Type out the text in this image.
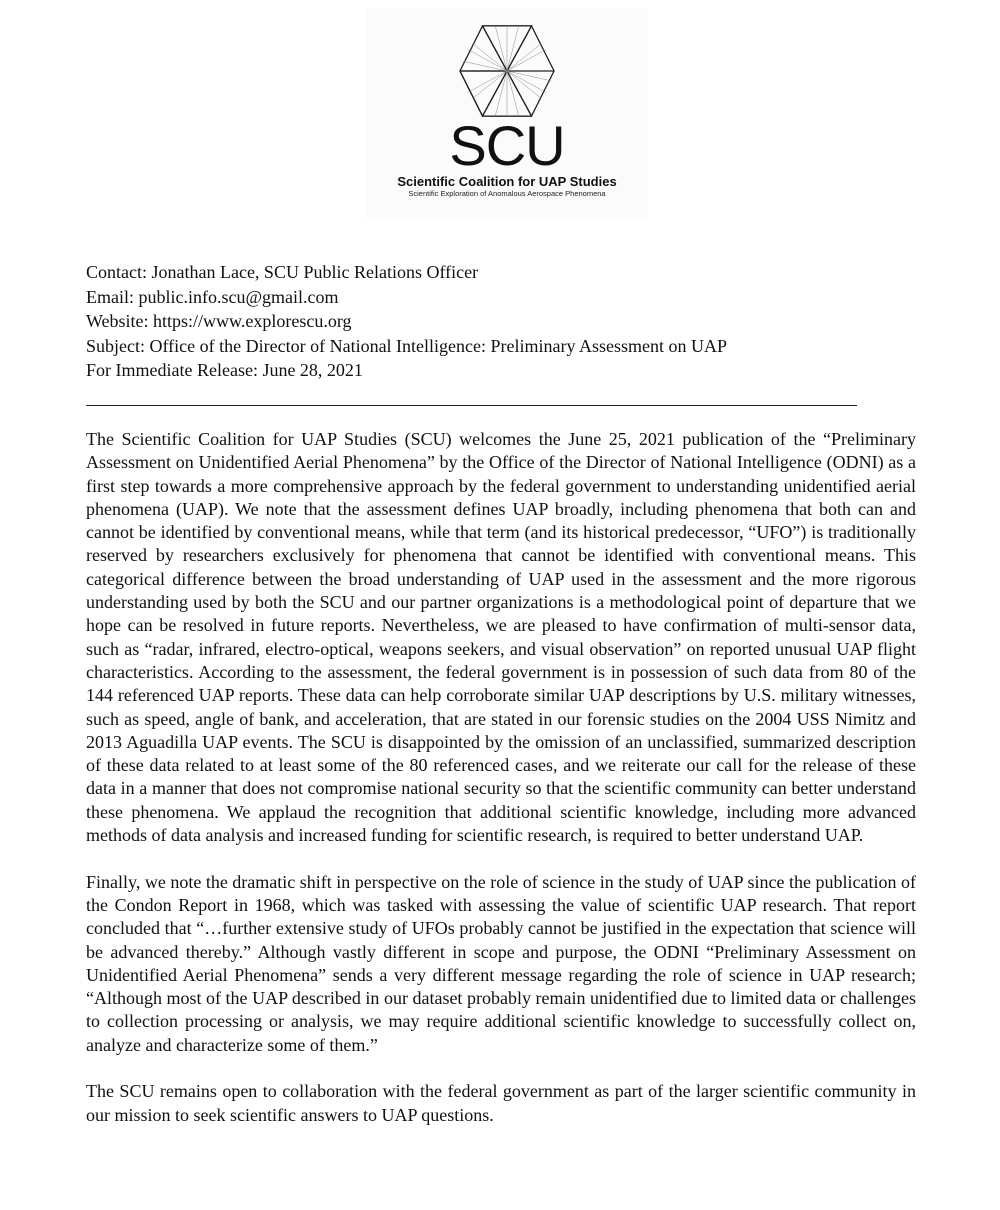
SCU
Scientific Coalition for UAP Studies
Scientific Exploration of Anomalous Aerospace Phenomena
Contact: Jonathan Lace, SCU Public Relations Officer
Email: public.info.scu@gmail.com
Website: https://www.explorescu.org
Subject: Office of the Director of National Intelligence: Preliminary Assessment on UAP
For Immediate Release: June 28, 2021

The Scientific Coalition for UAP Studies (SCU) welcomes the June 25, 2021 publication of the “Preliminary Assessment on Unidentified Aerial Phenomena” by the Office of the Director of National Intelligence (ODNI) as a first step towards a more comprehensive approach by the federal government to understanding unidentified aerial phenomena (UAP). We note that the assessment defines UAP broadly, including phenomena that both can and cannot be identified by conventional means, while that term (and its historical predecessor, “UFO”) is traditionally reserved by researchers exclusively for phenomena that cannot be identified with conventional means. This categorical difference between the broad understanding of UAP used in the assessment and the more rigorous understanding used by both the SCU and our partner organizations is a methodological point of departure that we hope can be resolved in future reports. Nevertheless, we are pleased to have confirmation of multi-sensor data, such as “radar, infrared, electro-optical, weapons seekers, and visual observation” on reported unusual UAP flight characteristics. According to the assessment, the federal government is in possession of such data from 80 of the 144 referenced UAP reports. These data can help corroborate similar UAP descriptions by U.S. military witnesses, such as speed, angle of bank, and acceleration, that are stated in our forensic studies on the 2004 USS Nimitz and 2013 Aguadilla UAP events. The SCU is disappointed by the omission of an unclassified, summarized description of these data related to at least some of the 80 referenced cases, and we reiterate our call for the release of these data in a manner that does not compromise national security so that the scientific community can better understand these phenomena. We applaud the recognition that additional scientific knowledge, including more advanced methods of data analysis and increased funding for scientific research, is required to better understand UAP.

Finally, we note the dramatic shift in perspective on the role of science in the study of UAP since the publication of the Condon Report in 1968, which was tasked with assessing the value of scientific UAP research. That report concluded that “…further extensive study of UFOs probably cannot be justified in the expectation that science will be advanced thereby.” Although vastly different in scope and purpose, the ODNI “Preliminary Assessment on Unidentified Aerial Phenomena” sends a very different message regarding the role of science in UAP research; “Although most of the UAP described in our dataset probably remain unidentified due to limited data or challenges to collection processing or analysis, we may require additional scientific knowledge to successfully collect on, analyze and characterize some of them.”

The SCU remains open to collaboration with the federal government as part of the larger scientific community in our mission to seek scientific answers to UAP questions.
